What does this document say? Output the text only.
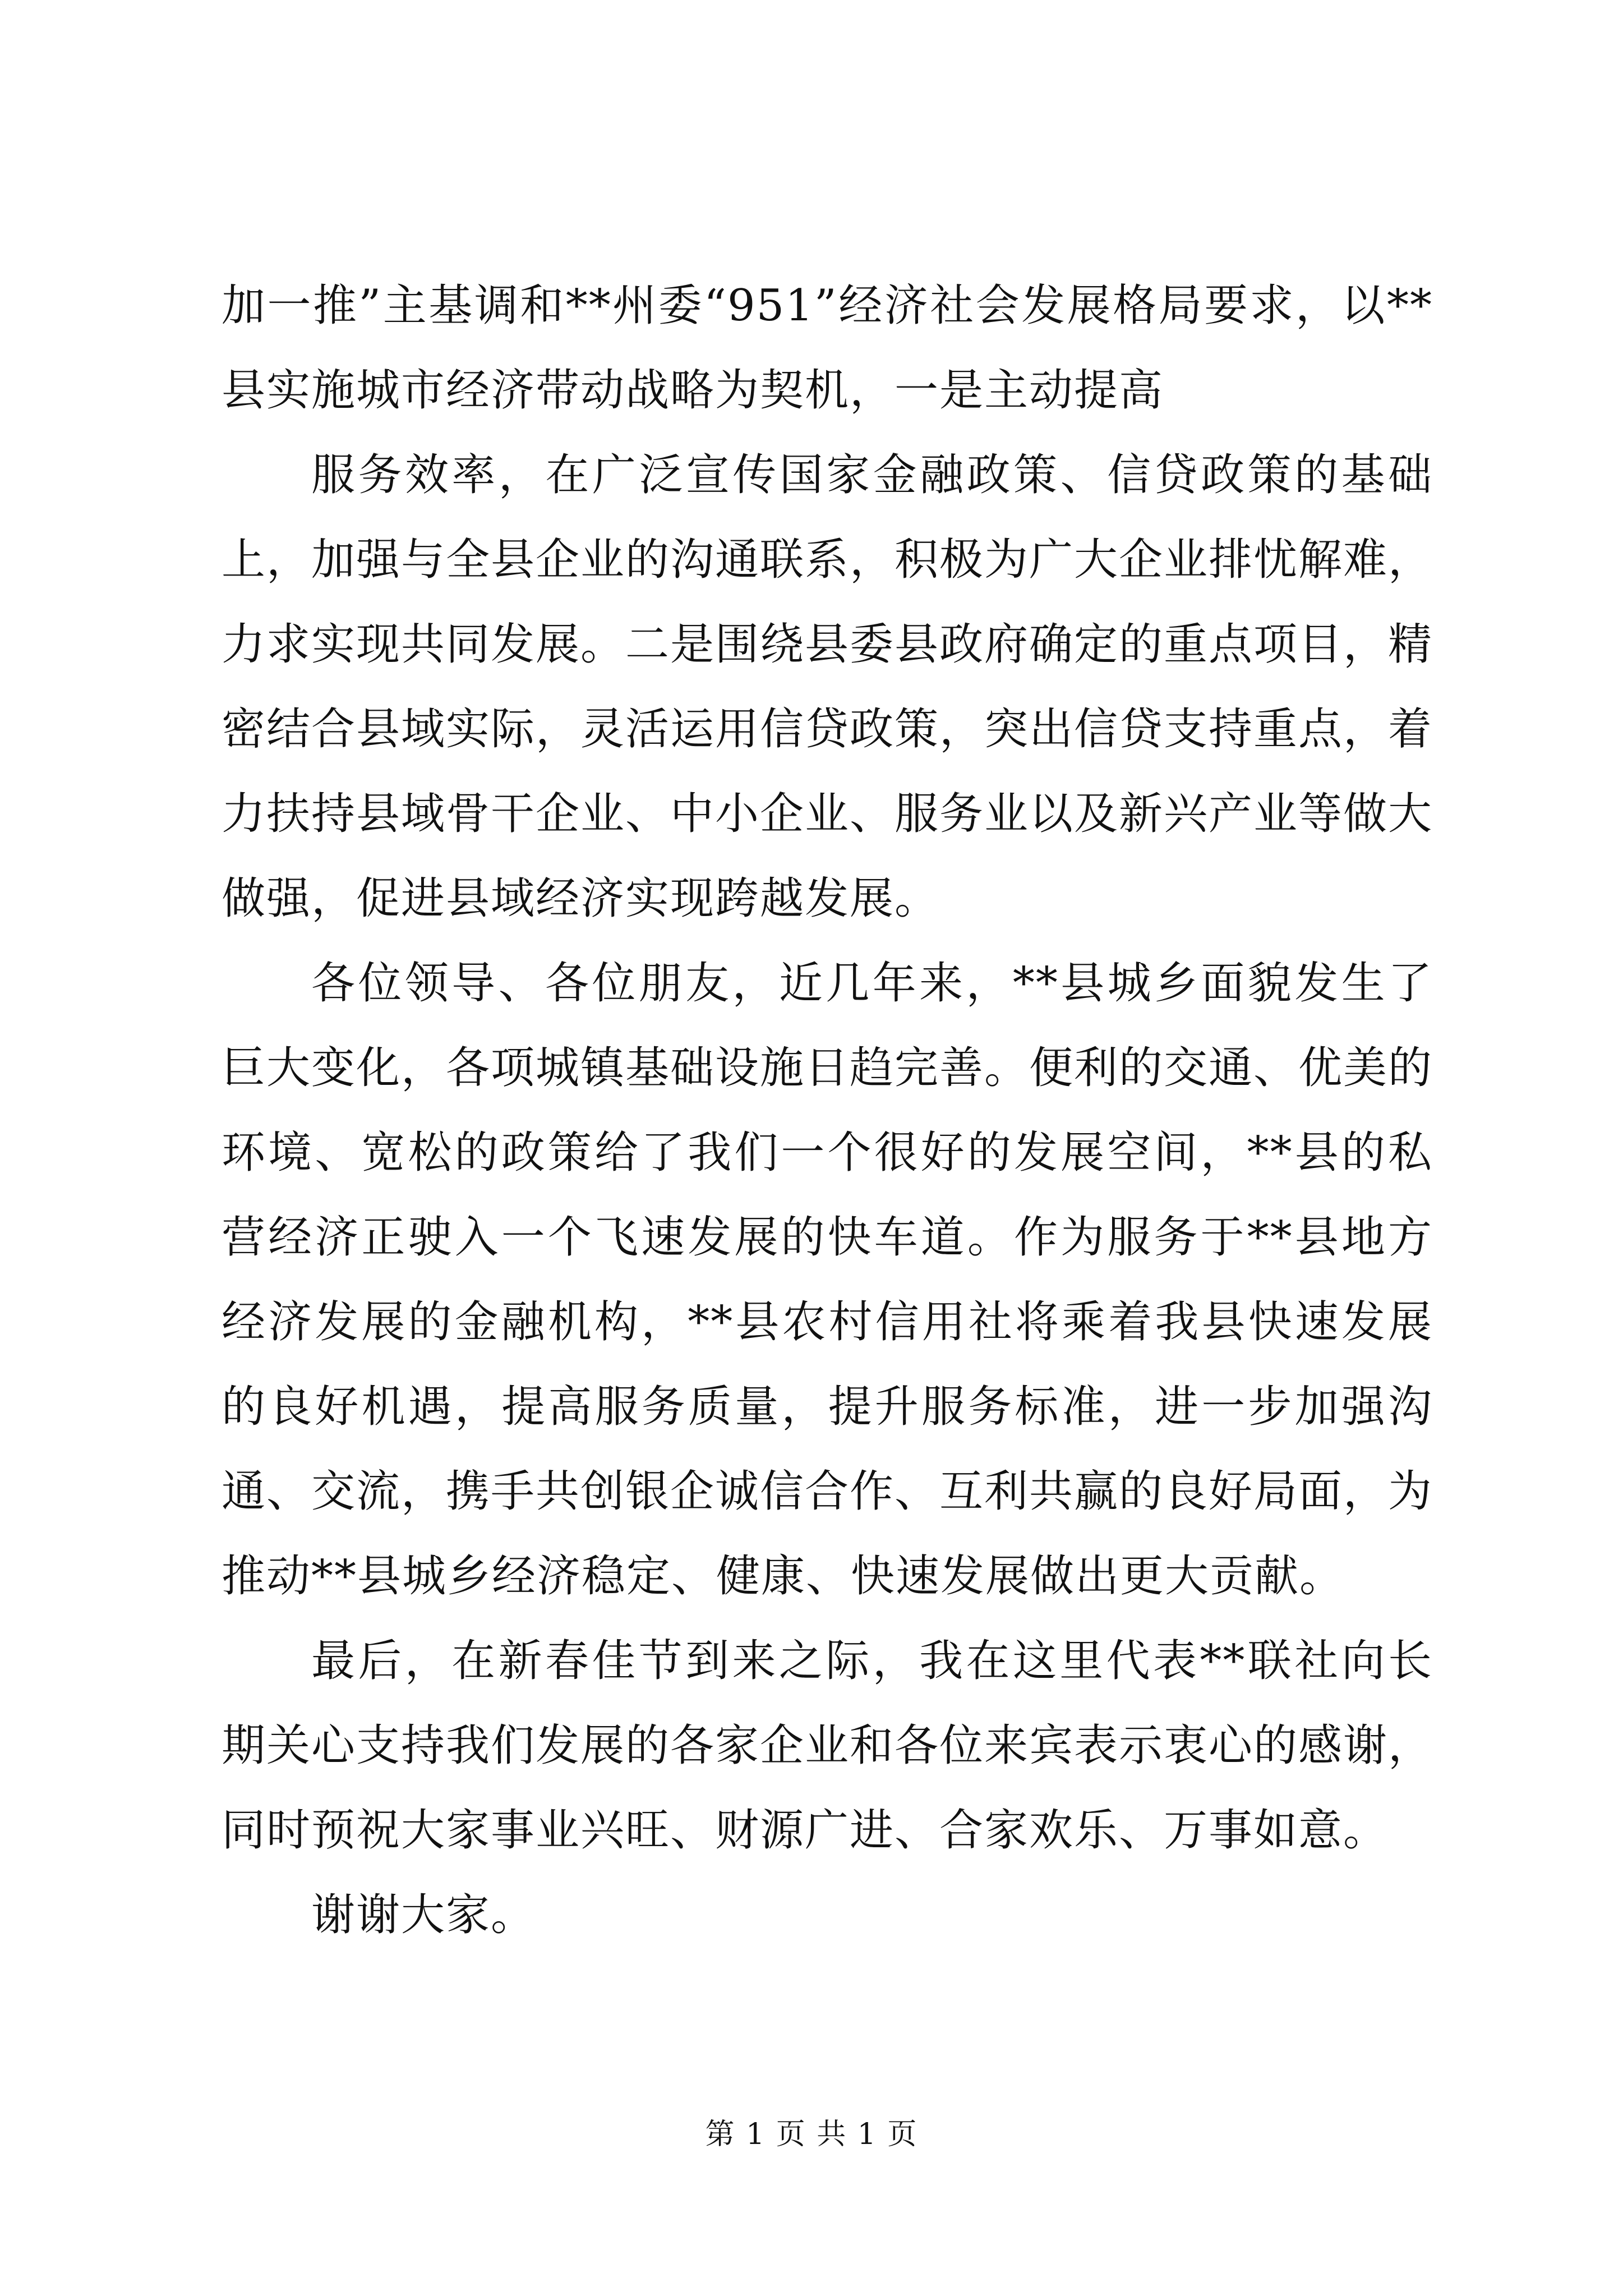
加一推”主基调和**州委“951”经济社会发展格局要求，以**县实施城市经济带动战略为契机，一是主动提高

服务效率，在广泛宣传国家金融政策、信贷政策的基础上，加强与全县企业的沟通联系，积极为广大企业排忧解难，力求实现共同发展。二是围绕县委县政府确定的重点项目，精密结合县域实际，灵活运用信贷政策，突出信贷支持重点，着力扶持县域骨干企业、中小企业、服务业以及新兴产业等做大做强，促进县域经济实现跨越发展。

各位领导、各位朋友，近几年来，**县城乡面貌发生了巨大变化，各项城镇基础设施日趋完善。便利的交通、优美的环境、宽松的政策给了我们一个很好的发展空间，**县的私营经济正驶入一个飞速发展的快车道。作为服务于**县地方经济发展的金融机构，**县农村信用社将乘着我县快速发展的良好机遇，提高服务质量，提升服务标准，进一步加强沟通、交流，携手共创银企诚信合作、互利共赢的良好局面，为推动**县城乡经济稳定、健康、快速发展做出更大贡献。

最后，在新春佳节到来之际，我在这里代表**联社向长期关心支持我们发展的各家企业和各位来宾表示衷心的感谢，同时预祝大家事业兴旺、财源广进、合家欢乐、万事如意。

谢谢大家。

第 1 页 共 1 页
